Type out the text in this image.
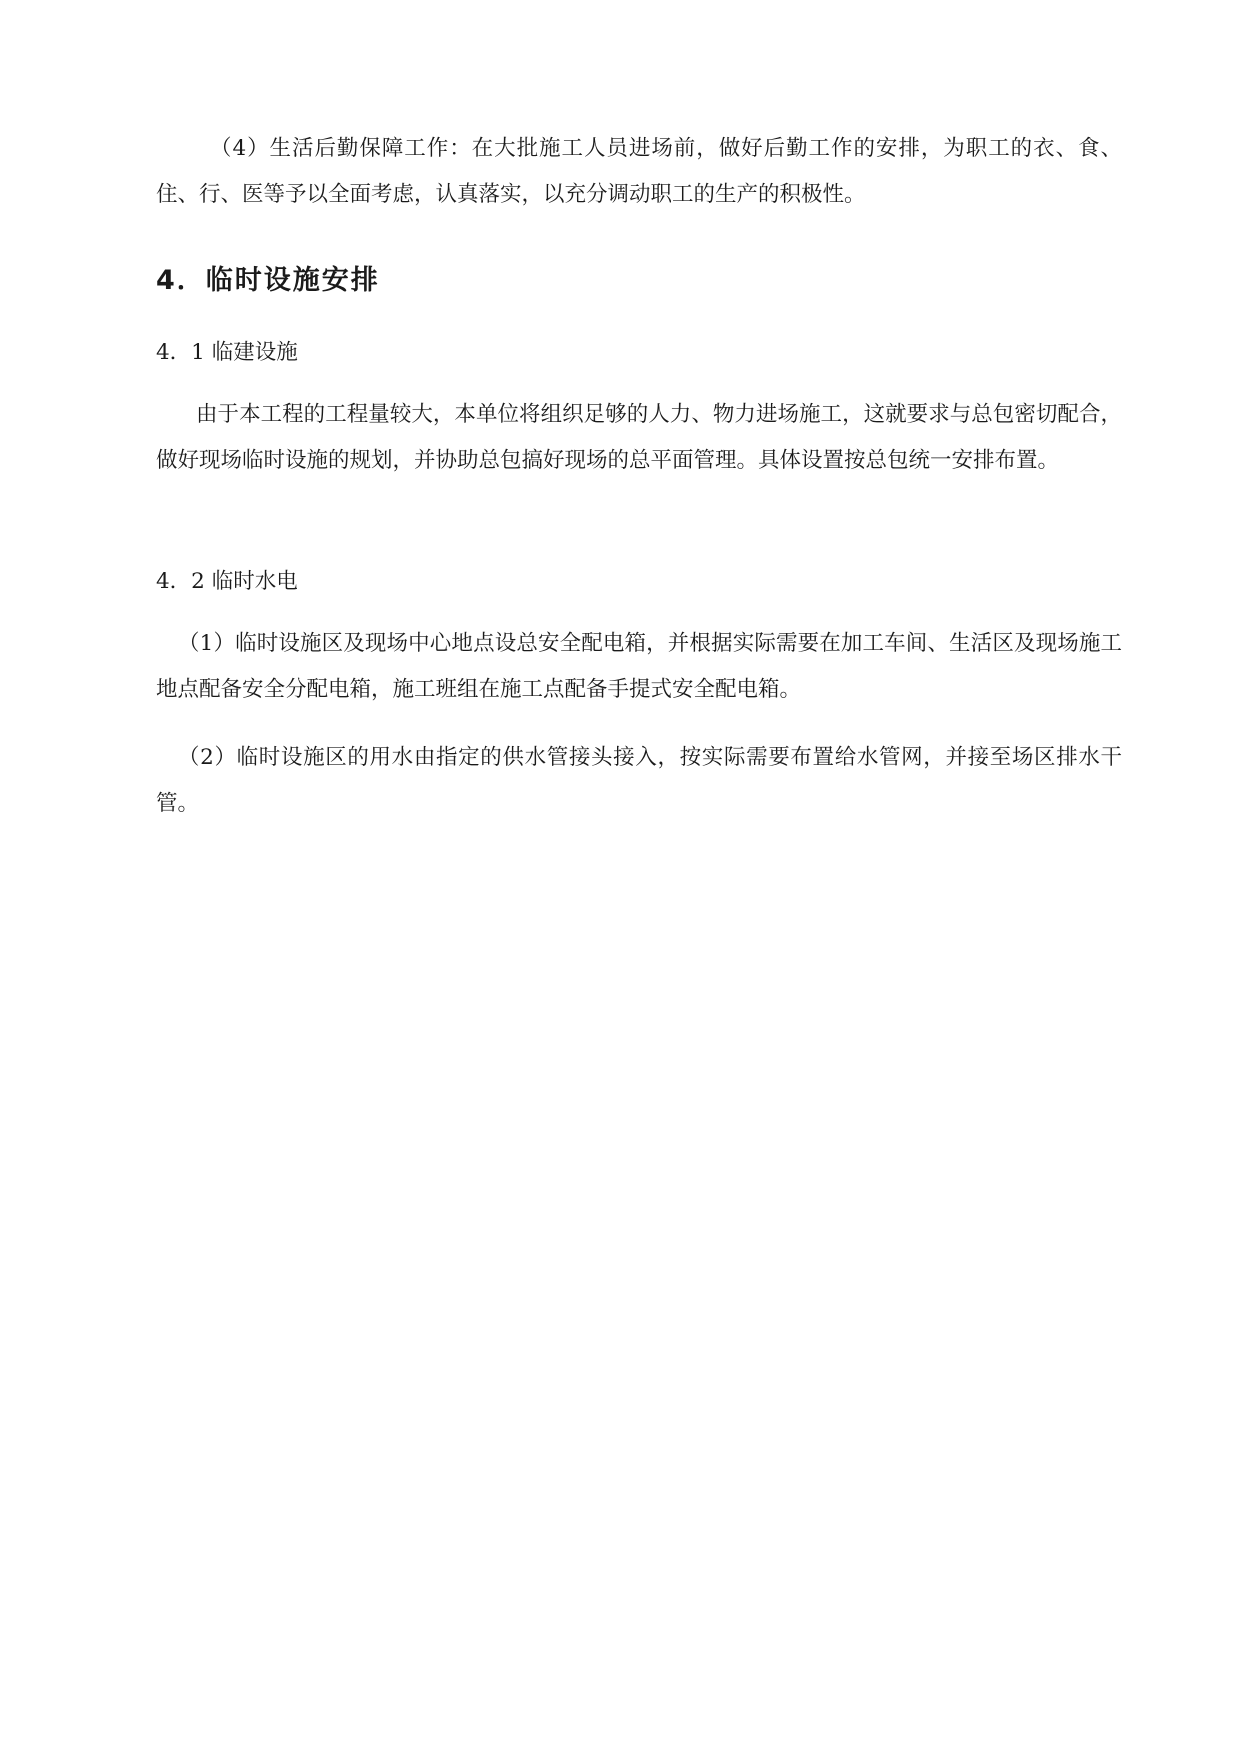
（4）生活后勤保障工作：在大批施工人员进场前，做好后勤工作的安排，为职工的衣、食、住、行、医等予以全面考虑，认真落实，以充分调动职工的生产的积极性。

4．临时设施安排

4．1 临建设施

由于本工程的工程量较大，本单位将组织足够的人力、物力进场施工，这就要求与总包密切配合，做好现场临时设施的规划，并协助总包搞好现场的总平面管理。具体设置按总包统一安排布置。

4．2 临时水电

（1）临时设施区及现场中心地点设总安全配电箱，并根据实际需要在加工车间、生活区及现场施工地点配备安全分配电箱，施工班组在施工点配备手提式安全配电箱。

（2）临时设施区的用水由指定的供水管接头接入，按实际需要布置给水管网，并接至场区排水干管。
